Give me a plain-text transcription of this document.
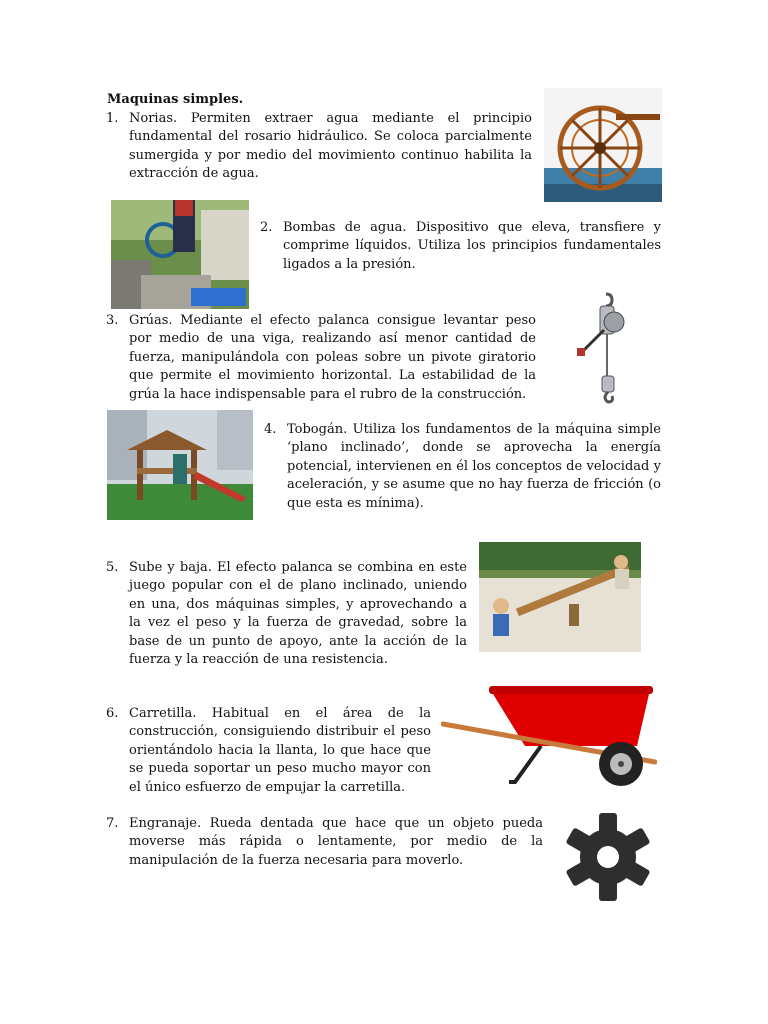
Maquinas simples.
1. Norias. Permiten extraer agua mediante el principio fundamental del rosario hidráulico. Se coloca parcialmente sumergida y por medio del movimiento continuo habilita la extracción de agua.
2. Bombas de agua. Dispositivo que eleva, transfiere y comprime líquidos. Utiliza los principios fundamentales ligados a la presión.
3. Grúas. Mediante el efecto palanca consigue levantar peso por medio de una viga, realizando así menor cantidad de fuerza, manipulándola con poleas sobre un pivote giratorio que permite el movimiento horizontal. La estabilidad de la grúa la hace indispensable para el rubro de la construcción.
4. Tobogán. Utiliza los fundamentos de la máquina simple ‘plano inclinado’, donde se aprovecha la energía potencial, intervienen en él los conceptos de velocidad y aceleración, y se asume que no hay fuerza de fricción (o que esta es mínima).
5. Sube y baja. El efecto palanca se combina en este juego popular con el de plano inclinado, uniendo en una, dos máquinas simples, y aprovechando a la vez el peso y la fuerza de gravedad, sobre la base de un punto de apoyo, ante la acción de la fuerza y la reacción de una resistencia.
6. Carretilla. Habitual en el área de la construcción, consiguiendo distribuir el peso orientándolo hacia la llanta, lo que hace que se pueda soportar un peso mucho mayor con el único esfuerzo de empujar la carretilla.
7. Engranaje. Rueda dentada que hace que un objeto pueda moverse más rápida o lentamente, por medio de la manipulación de la fuerza necesaria para moverlo.
